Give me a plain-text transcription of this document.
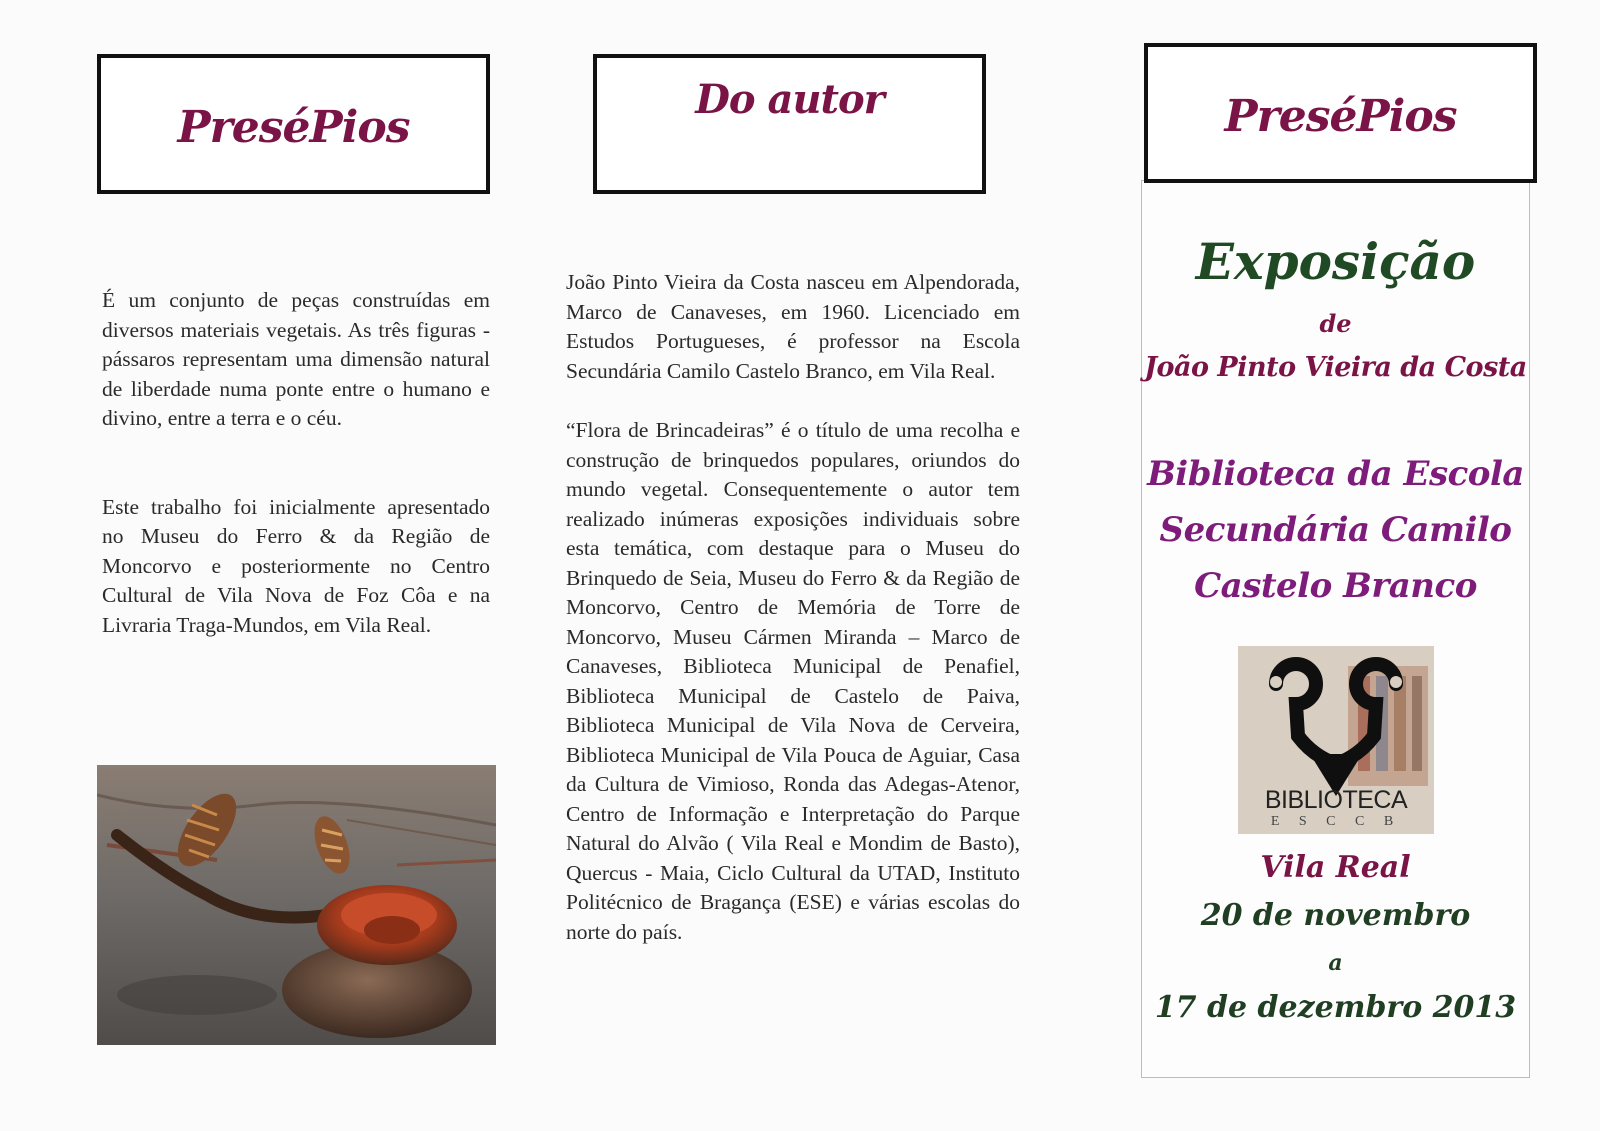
PreséPios

É um conjunto de peças construídas em diversos materiais vegetais. As três figuras - pássaros representam uma dimensão natural de liberdade numa ponte entre o humano e divino, entre a terra e o céu.

Este trabalho foi inicialmente apresentado no Museu do Ferro & da Região de Moncorvo e posteriormente no Centro Cultural de Vila Nova de Foz Côa e na Livraria Traga-Mundos, em Vila Real.

Do autor

João Pinto Vieira da Costa nasceu em Alpendorada, Marco de Canaveses, em 1960. Licenciado em Estudos Portugueses, é professor na Escola Secundária Camilo Castelo Branco, em Vila Real.

“Flora de Brincadeiras” é o título de uma recolha e construção de brinquedos populares, oriundos do mundo vegetal. Consequentemente o autor tem realizado inúmeras exposições individuais sobre esta temática, com destaque para o Museu do Brinquedo de Seia, Museu do Ferro & da Região de Moncorvo, Centro de Memória de Torre de Moncorvo, Museu Cármen Miranda – Marco de Canaveses, Biblioteca Municipal de Penafiel, Biblioteca Municipal de Castelo de Paiva, Biblioteca Municipal de Vila Nova de Cerveira, Biblioteca Municipal de Vila Pouca de Aguiar, Casa da Cultura de Vimioso, Ronda das Adegas-Atenor, Centro de Informação e Interpretação do Parque Natural do Alvão ( Vila Real e Mondim de Basto), Quercus - Maia, Ciclo Cultural da UTAD, Instituto Politécnico de Bragança (ESE) e várias escolas do norte do país.

PreséPios
Exposição
de
João Pinto Vieira da Costa
Biblioteca da Escola
Secundária Camilo
Castelo Branco
BIBLIOTECA
E S C C B
Vila Real
20 de novembro
a
17 de dezembro 2013
